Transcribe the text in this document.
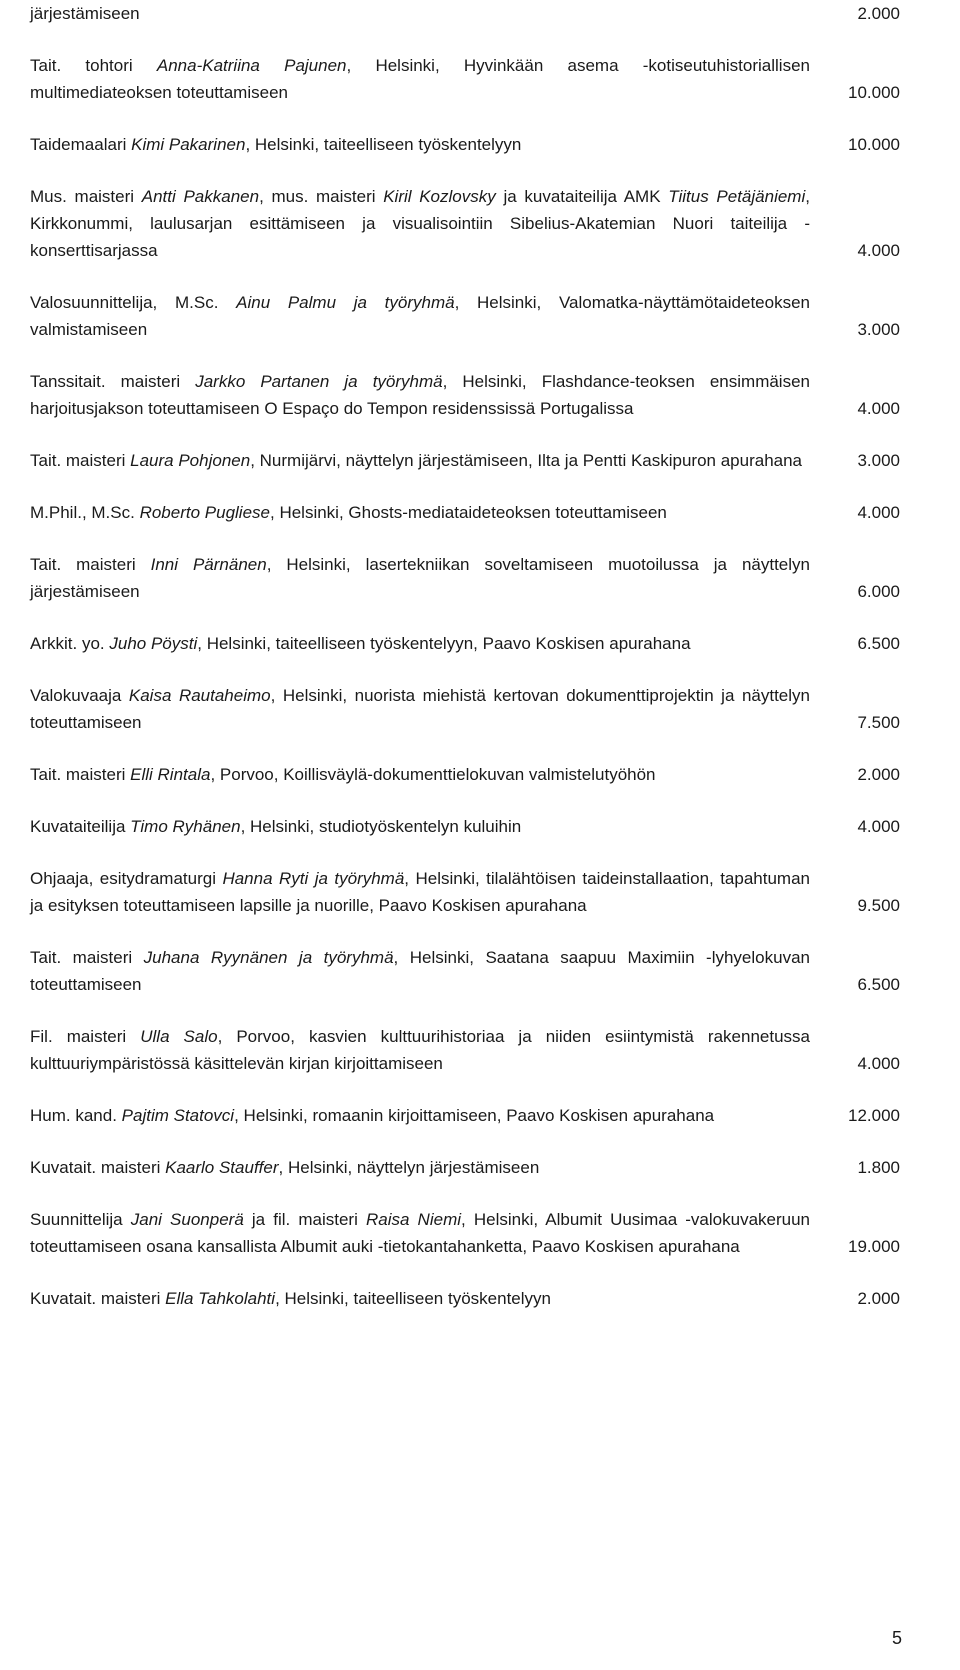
järjestämiseen	2.000
Tait. tohtori Anna-Katriina Pajunen, Helsinki, Hyvinkään asema -kotiseutuhistoriallisen multimediateoksen toteuttamiseen	10.000
Taidemaalari Kimi Pakarinen, Helsinki, taiteelliseen työskentelyyn	10.000
Mus. maisteri Antti Pakkanen, mus. maisteri Kiril Kozlovsky ja kuvataiteilija AMK Tiitus Petäjäniemi, Kirkkonummi, laulusarjan esittämiseen ja visualisointiin Sibelius-Akatemian Nuori taiteilija -konserttisarjassa	4.000
Valosuunnittelija, M.Sc. Ainu Palmu ja työryhmä, Helsinki, Valomatka-näyttämötaideteoksen valmistamiseen	3.000
Tanssitait. maisteri Jarkko Partanen ja työryhmä, Helsinki, Flashdance-teoksen ensimmäisen harjoitusjakson toteuttamiseen O Espaço do Tempon residenssissä Portugalissa	4.000
Tait. maisteri Laura Pohjonen, Nurmijärvi, näyttelyn järjestämiseen, Ilta ja Pentti Kaskipuron apurahana	3.000
M.Phil., M.Sc. Roberto Pugliese, Helsinki, Ghosts-mediataideteoksen toteuttamiseen	4.000
Tait. maisteri Inni Pärnänen, Helsinki, lasertekniikan soveltamiseen muotoilussa ja näyttelyn järjestämiseen	6.000
Arkkit. yo. Juho Pöysti, Helsinki, taiteelliseen työskentelyyn, Paavo Koskisen apurahana	6.500
Valokuvaaja Kaisa Rautaheimo, Helsinki, nuorista miehistä kertovan dokumenttiprojektin ja näyttelyn toteuttamiseen	7.500
Tait. maisteri Elli Rintala, Porvoo, Koillisväylä-dokumenttielokuvan valmistelutyöhön	2.000
Kuvataiteilija Timo Ryhänen, Helsinki, studiotyöskentelyn kuluihin	4.000
Ohjaaja, esitydramaturgi Hanna Ryti ja työryhmä, Helsinki, tilalähtöisen taideinstallaation, tapahtuman ja esityksen toteuttamiseen lapsille ja nuorille, Paavo Koskisen apurahana	9.500
Tait. maisteri Juhana Ryynänen ja työryhmä, Helsinki, Saatana saapuu Maximiin -lyhyelokuvan toteuttamiseen	6.500
Fil. maisteri Ulla Salo, Porvoo, kasvien kulttuurihistoriaa ja niiden esiintymistä rakennetussa kulttuuriympäristössä käsittelevän kirjan kirjoittamiseen	4.000
Hum. kand. Pajtim Statovci, Helsinki, romaanin kirjoittamiseen, Paavo Koskisen apurahana	12.000
Kuvatait. maisteri Kaarlo Stauffer, Helsinki, näyttelyn järjestämiseen	1.800
Suunnittelija Jani Suonperä ja fil. maisteri Raisa Niemi, Helsinki, Albumit Uusimaa -valokuvakeruun toteuttamiseen osana kansallista Albumit auki -tietokantahanketta, Paavo Koskisen apurahana	19.000
Kuvatait. maisteri Ella Tahkolahti, Helsinki, taiteelliseen työskentelyyn	2.000
5
